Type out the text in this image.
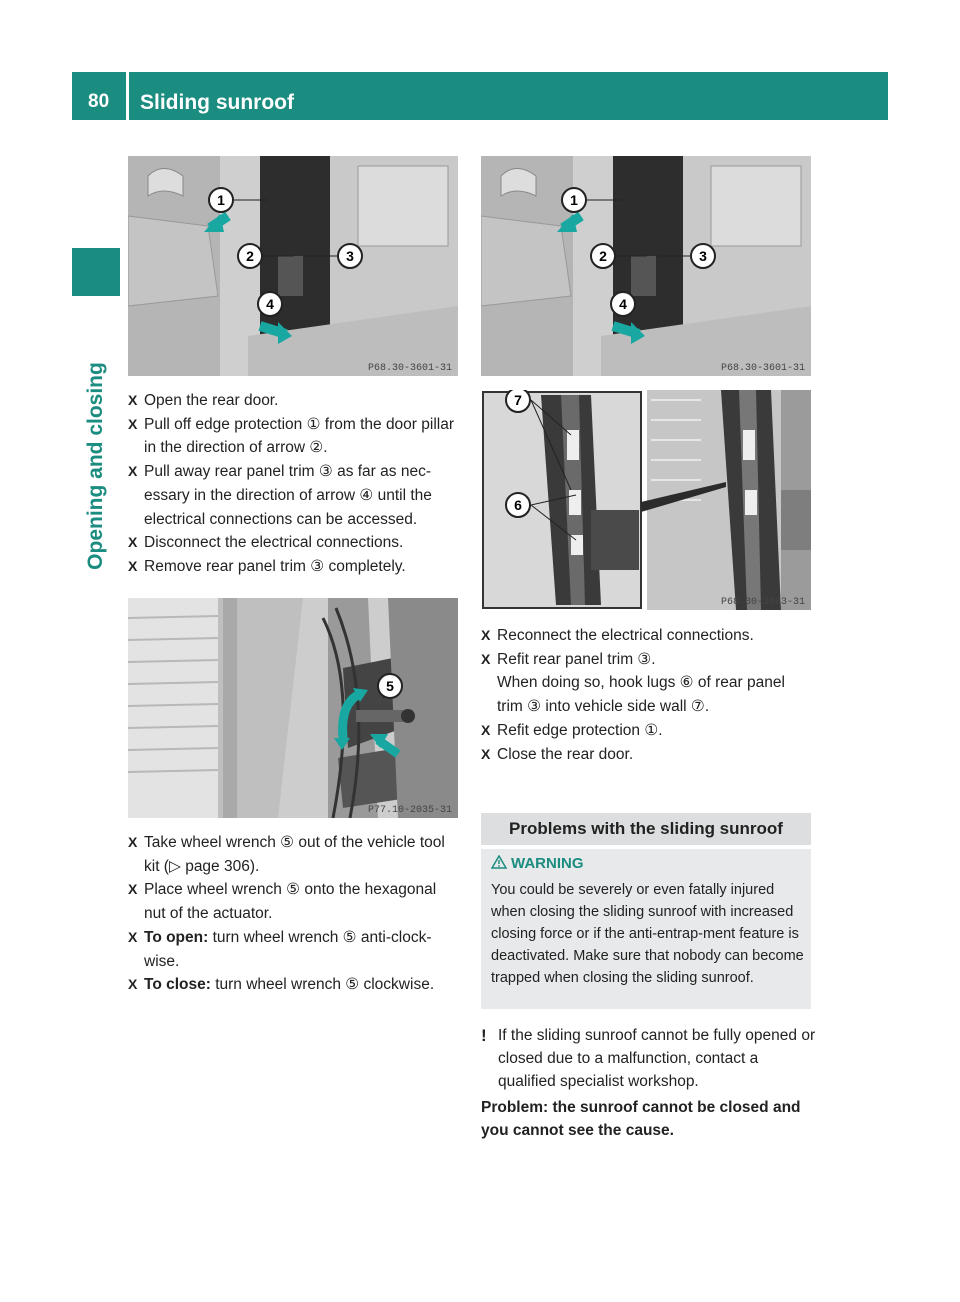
80	Sliding sunroof
Opening and closing
1
2	3
4
P68.30-3601-31

X Open the rear door.

X Pull off edge protection ① from the door pillar in the direction of arrow ②.

X Pull away rear panel trim ③ as far as nec-essary in the direction of arrow ④ until the electrical connections can be accessed.

X Disconnect the electrical connections.

X Remove rear panel trim ③ completely.

5
P77.10-2035-31

X Take wheel wrench ⑤ out of the vehicle tool kit (▷ page 306).

X Place wheel wrench ⑤ onto the hexagonal nut of the actuator.

X To open: turn wheel wrench ⑤ anti-clock-wise.

X To close: turn wheel wrench ⑤ clockwise.

1
2	3
4
P68.30-3601-31
7
6
P68.30-3603-31

X Reconnect the electrical connections.

X Refit rear panel trim ③.
When doing so, hook lugs ⑥ of rear panel trim ③ into vehicle side wall ⑦.

X Refit edge protection ①.

X Close the rear door.

Problems with the sliding sunroof
WARNING
You could be severely or even fatally injured when closing the sliding sunroof with increased closing force or if the anti-entrap-ment feature is deactivated. Make sure that nobody can become trapped when closing the sliding sunroof.
! If the sliding sunroof cannot be fully opened or closed due to a malfunction, contact a qualified specialist workshop.
Problem: the sunroof cannot be closed and you cannot see the cause.
